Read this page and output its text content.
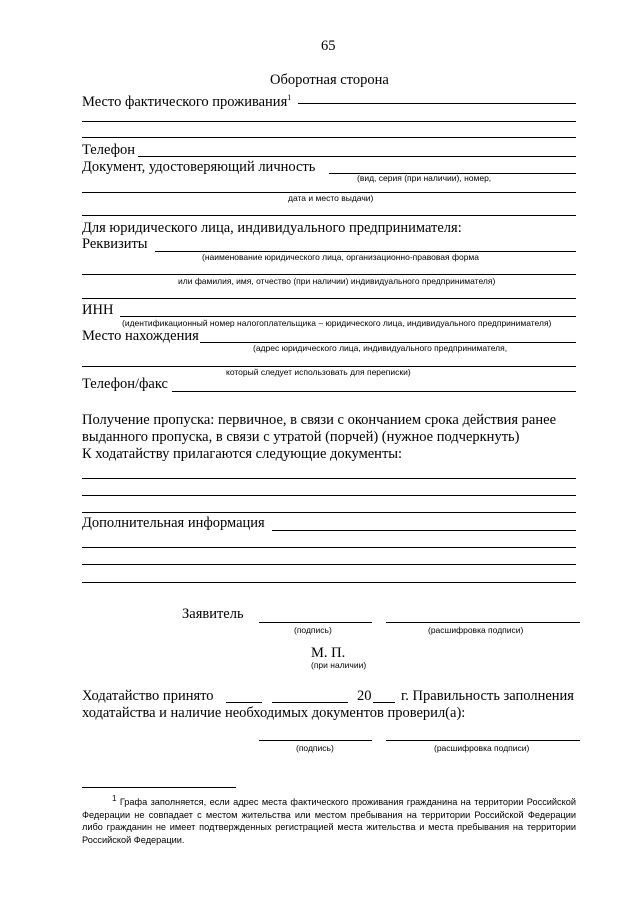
65
Оборотная сторона
Место фактического проживания$^1$
Телефон
Документ, удостоверяющий личность
(вид, серия (при наличии), номер,
дата и место выдачи)
Для юридического лица, индивидуального предпринимателя:
Реквизиты
(наименование юридического лица, организационно-правовая форма
или фамилия, имя, отчество (при наличии) индивидуального предпринимателя)
ИНН
(идентификационный номер налогоплательщика – юридического лица, индивидуального предпринимателя)
Место нахождения
(адрес юридического лица, индивидуального предпринимателя,
который следует использовать для переписки)
Телефон/факс
Получение пропуска: первичное, в связи с окончанием срока действия ранее
выданного пропуска, в связи с утратой (порчей) (нужное подчеркнуть)
К ходатайству прилагаются следующие документы:
Дополнительная информация
Заявитель
(подпись)	(расшифровка подписи)
М. П.
(при наличии)
Ходатайство принято	20 г. Правильность заполнения
ходатайства и наличие необходимых документов проверил(а):
(подпись)	(расшифровка подписи)
$^1$ Графа заполняется, если адрес места фактического проживания гражданина на территории Российской Федерации не совпадает с местом жительства или местом пребывания на территории Российской Федерации либо гражданин не имеет подтвержденных регистрацией места жительства и места пребывания на территории Российской Федерации.
